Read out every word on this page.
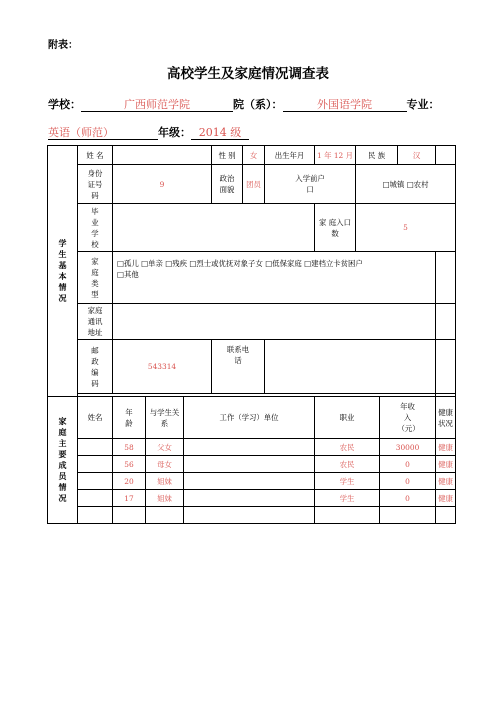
附表：
高校学生及家庭情况调查表
学校：	广西师范学院	院（系）：	外国语学院	专业：
英语（师范）	年级： 2014 级
学生基本情况	姓 名				性 别	女	出生年月	1 年 12 月	民 族		汉		

	身份证号码	9			政治面貌	团员	入学前户 口		□城镇 □农村				

	毕业学校							家 庭入口数	5				

	家庭类型	□孤儿 □单亲 □残疾 □烈士或优抚对象子女 □低保家庭 □建档立卡贫困户
□其他											

	家庭通讯地址												

	邮政编码	543314			联系电话								

家庭主要成员情况	姓名	年龄	与学生关系	工作（学习）单位				职业		年收入（元）		健康状况	
		58	父女					农民		30000		健康	
		56	母女					农民		0		健康	
		20	姐妹					学生		0		健康	
		17	姐妹					学生		0		健康	
